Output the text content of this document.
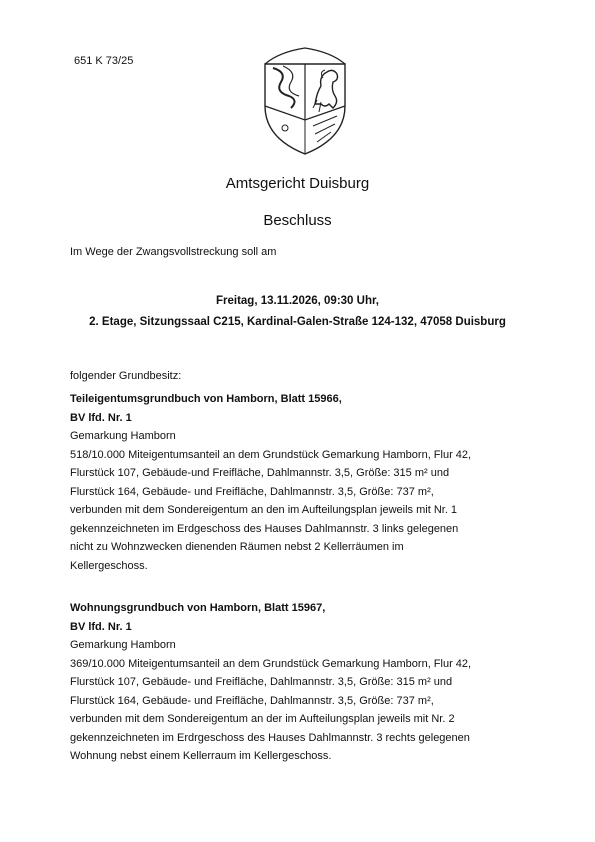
651 K 73/25
Amtsgericht Duisburg
Beschluss
Im Wege der Zwangsvollstreckung soll am
Freitag, 13.11.2026, 09:30 Uhr,
2. Etage, Sitzungssaal C215, Kardinal-Galen-Straße 124-132, 47058 Duisburg
folgender Grundbesitz:
Teileigentumsgrundbuch von Hamborn, Blatt 15966,
BV lfd. Nr. 1
Gemarkung Hamborn
518/10.000 Miteigentumsanteil an dem Grundstück Gemarkung Hamborn, Flur 42,
Flurstück 107, Gebäude-und Freifläche, Dahlmannstr. 3,5, Größe: 315 m² und
Flurstück 164, Gebäude- und Freifläche, Dahlmannstr. 3,5, Größe: 737 m²,
verbunden mit dem Sondereigentum an den im Aufteilungsplan jeweils mit Nr. 1
gekennzeichneten im Erdgeschoss des Hauses Dahlmannstr. 3 links gelegenen
nicht zu Wohnzwecken dienenden Räumen nebst 2 Kellerräumen im
Kellergeschoss.
Wohnungsgrundbuch von Hamborn, Blatt 15967,
BV lfd. Nr. 1
Gemarkung Hamborn
369/10.000 Miteigentumsanteil an dem Grundstück Gemarkung Hamborn, Flur 42,
Flurstück 107, Gebäude- und Freifläche, Dahlmannstr. 3,5, Größe: 315 m² und
Flurstück 164, Gebäude- und Freifläche, Dahlmannstr. 3,5, Größe: 737 m²,
verbunden mit dem Sondereigentum an der im Aufteilungsplan jeweils mit Nr. 2
gekennzeichneten im Erdrgeschoss des Hauses Dahlmannstr. 3 rechts gelegenen
Wohnung nebst einem Kellerraum im Kellergeschoss.
